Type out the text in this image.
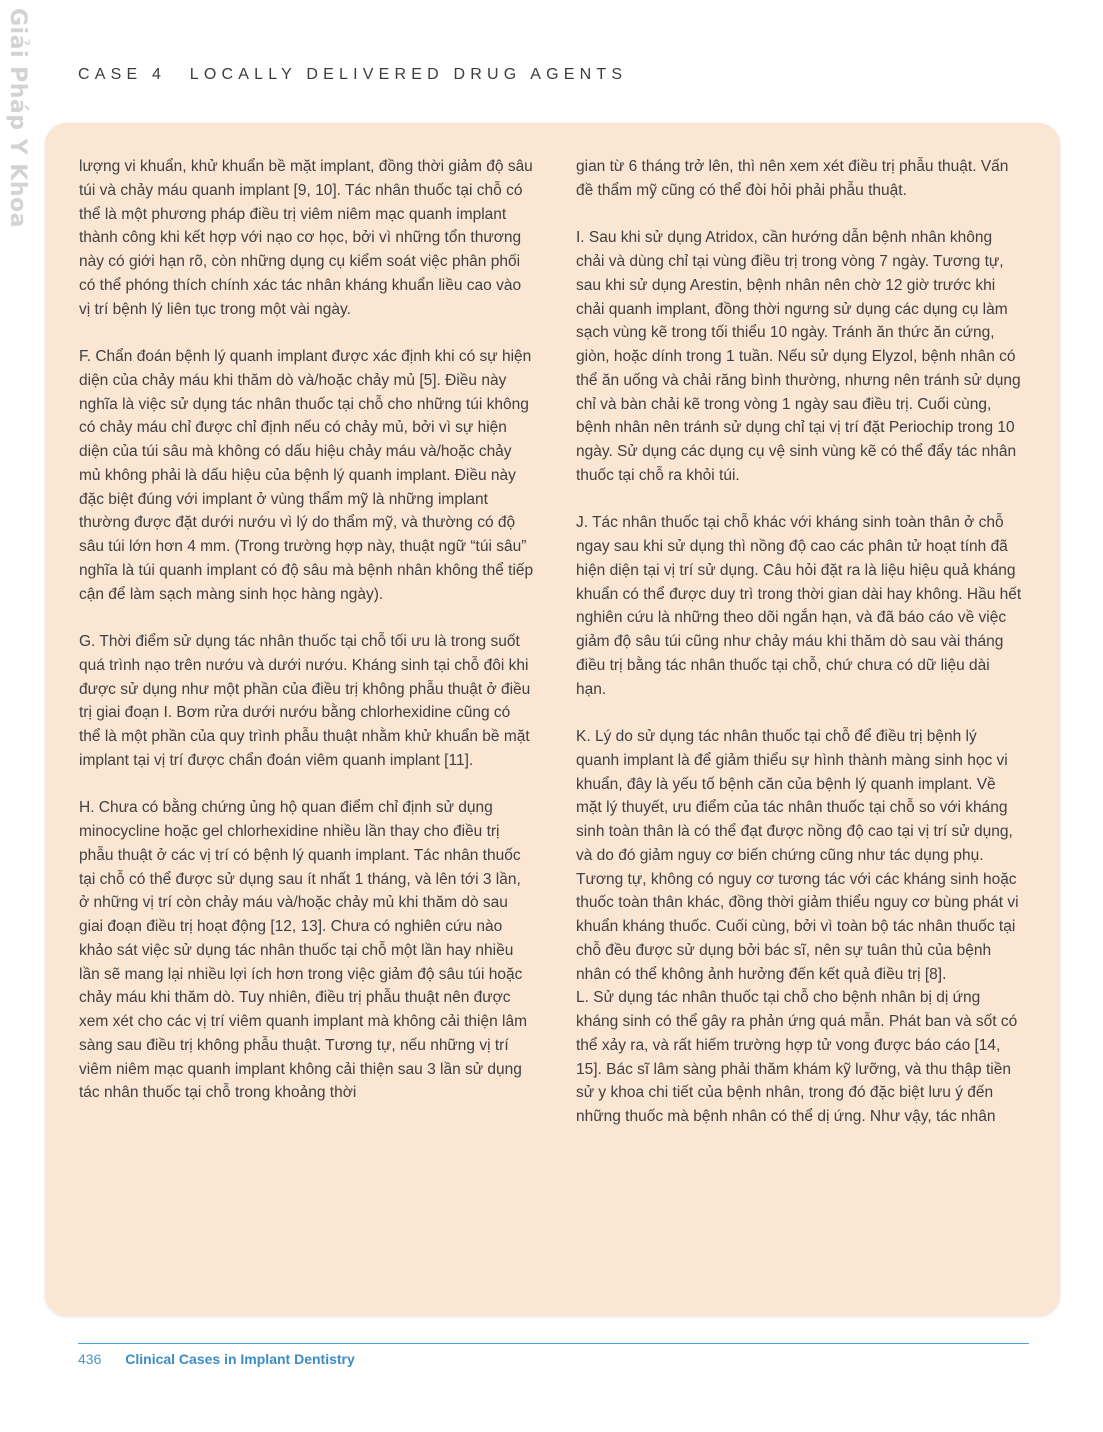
Giải Pháp Y Khoa	CASE 4 LOCALLY DELIVERED DRUG AGENTS

lượng vi khuẩn, khử khuẩn bề mặt implant, đồng thời giảm độ sâu túi và chảy máu quanh implant [9, 10]. Tác nhân thuốc tại chỗ có thể là một phương pháp điều trị viêm niêm mạc quanh implant thành công khi kết hợp với nạo cơ học, bởi vì những tổn thương này có giới hạn rõ, còn những dụng cụ kiểm soát việc phân phối có thể phóng thích chính xác tác nhân kháng khuẩn liều cao vào vị trí bệnh lý liên tục trong một vài ngày.

F. Chẩn đoán bệnh lý quanh implant được xác định khi có sự hiện diện của chảy máu khi thăm dò và/hoặc chảy mủ [5]. Điều này nghĩa là việc sử dụng tác nhân thuốc tại chỗ cho những túi không có chảy máu chỉ được chỉ định nếu có chảy mủ, bởi vì sự hiện diện của túi sâu mà không có dấu hiệu chảy máu và/hoặc chảy mủ không phải là dấu hiệu của bệnh lý quanh implant. Điều này đặc biệt đúng với implant ở vùng thẩm mỹ là những implant thường được đặt dưới nướu vì lý do thẩm mỹ, và thường có độ sâu túi lớn hơn 4 mm. (Trong trường hợp này, thuật ngữ “túi sâu” nghĩa là túi quanh implant có độ sâu mà bệnh nhân không thể tiếp cận để làm sạch màng sinh học hàng ngày).

G. Thời điểm sử dụng tác nhân thuốc tại chỗ tối ưu là trong suốt quá trình nạo trên nướu và dưới nướu. Kháng sinh tại chỗ đôi khi được sử dụng như một phần của điều trị không phẫu thuật ở điều trị giai đoạn I. Bơm rửa dưới nướu bằng chlorhexidine cũng có thể là một phần của quy trình phẫu thuật nhằm khử khuẩn bề mặt implant tại vị trí được chẩn đoán viêm quanh implant [11].

H. Chưa có bằng chứng ủng hộ quan điểm chỉ định sử dụng minocycline hoặc gel chlorhexidine nhiều lần thay cho điều trị phẫu thuật ở các vị trí có bệnh lý quanh implant. Tác nhân thuốc tại chỗ có thể được sử dụng sau ít nhất 1 tháng, và lên tới 3 lần, ở những vị trí còn chảy máu và/hoặc chảy mủ khi thăm dò sau giai đoạn điều trị hoạt động [12, 13]. Chưa có nghiên cứu nào khảo sát việc sử dụng tác nhân thuốc tại chỗ một lần hay nhiều lần sẽ mang lại nhiều lợi ích hơn trong việc giảm độ sâu túi hoặc chảy máu khi thăm dò. Tuy nhiên, điều trị phẫu thuật nên được xem xét cho các vị trí viêm quanh implant mà không cải thiện lâm sàng sau điều trị không phẫu thuật. Tương tự, nếu những vị trí viêm niêm mạc quanh implant không cải thiện sau 3 lần sử dụng tác nhân thuốc tại chỗ trong khoảng thời

gian từ 6 tháng trở lên, thì nên xem xét điều trị phẫu thuật. Vấn đề thẩm mỹ cũng có thể đòi hỏi phải phẫu thuật.

I. Sau khi sử dụng Atridox, cần hướng dẫn bệnh nhân không chải và dùng chỉ tại vùng điều trị trong vòng 7 ngày. Tương tự, sau khi sử dụng Arestin, bệnh nhân nên chờ 12 giờ trước khi chải quanh implant, đồng thời ngưng sử dụng các dụng cụ làm sạch vùng kẽ trong tối thiểu 10 ngày. Tránh ăn thức ăn cứng, giòn, hoặc dính trong 1 tuần. Nếu sử dụng Elyzol, bệnh nhân có thể ăn uống và chải răng bình thường, nhưng nên tránh sử dụng chỉ và bàn chải kẽ trong vòng 1 ngày sau điều trị. Cuối cùng, bệnh nhân nên tránh sử dụng chỉ tại vị trí đặt Periochip trong 10 ngày. Sử dụng các dụng cụ vệ sinh vùng kẽ có thể đẩy tác nhân thuốc tại chỗ ra khỏi túi.

J. Tác nhân thuốc tại chỗ khác với kháng sinh toàn thân ở chỗ ngay sau khi sử dụng thì nồng độ cao các phân tử hoạt tính đã hiện diện tại vị trí sử dụng. Câu hỏi đặt ra là liệu hiệu quả kháng khuẩn có thể được duy trì trong thời gian dài hay không. Hầu hết nghiên cứu là những theo dõi ngắn hạn, và đã báo cáo về việc giảm độ sâu túi cũng như chảy máu khi thăm dò sau vài tháng điều trị bằng tác nhân thuốc tại chỗ, chứ chưa có dữ liệu dài hạn.

K. Lý do sử dụng tác nhân thuốc tại chỗ để điều trị bệnh lý quanh implant là để giảm thiểu sự hình thành màng sinh học vi khuẩn, đây là yếu tố bệnh căn của bệnh lý quanh implant. Về mặt lý thuyết, ưu điểm của tác nhân thuốc tại chỗ so với kháng sinh toàn thân là có thể đạt được nồng độ cao tại vị trí sử dụng, và do đó giảm nguy cơ biến chứng cũng như tác dụng phụ. Tương tự, không có nguy cơ tương tác với các kháng sinh hoặc thuốc toàn thân khác, đồng thời giảm thiểu nguy cơ bùng phát vi khuẩn kháng thuốc. Cuối cùng, bởi vì toàn bộ tác nhân thuốc tại chỗ đều được sử dụng bởi bác sĩ, nên sự tuân thủ của bệnh nhân có thể không ảnh hưởng đến kết quả điều trị [8].

L. Sử dụng tác nhân thuốc tại chỗ cho bệnh nhân bị dị ứng kháng sinh có thể gây ra phản ứng quá mẫn. Phát ban và sốt có thể xảy ra, và rất hiếm trường hợp tử vong được báo cáo [14, 15]. Bác sĩ lâm sàng phải thăm khám kỹ lưỡng, và thu thập tiền sử y khoa chi tiết của bệnh nhân, trong đó đặc biệt lưu ý đến những thuốc mà bệnh nhân có thể dị ứng. Như vậy, tác nhân

436 Clinical Cases in Implant Dentistry
